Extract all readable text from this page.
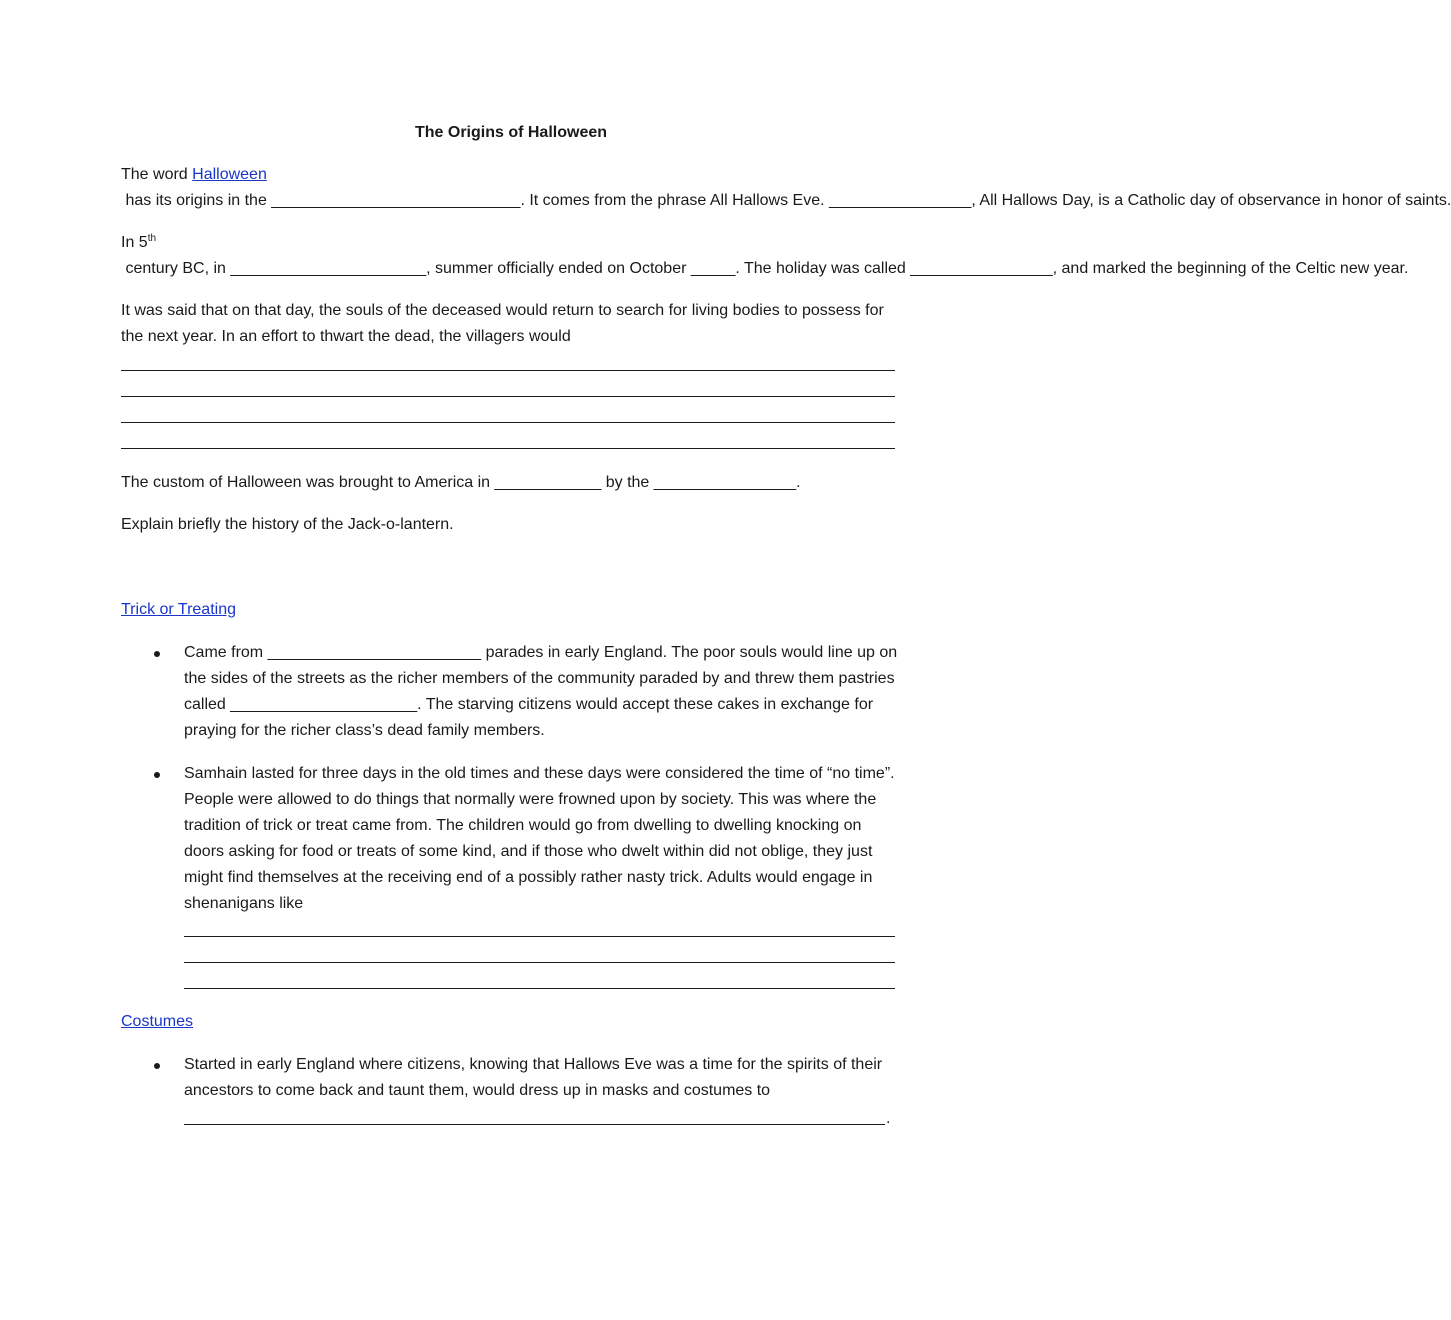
The Origins of Halloween
The word Halloween has its origins in the ____________________________. It comes from the phrase All Hallows Eve. ________________, All Hallows Day, is a Catholic day of observance in honor of saints.
In 5th century BC, in ______________________, summer officially ended on October _____. The holiday was called ________________, and marked the beginning of the Celtic new year.
It was said that on that day, the souls of the deceased would return to search for living bodies to possess for the next year. In an effort to thwart the dead, the villagers would
The custom of Halloween was brought to America in ____________ by the ________________.
Explain briefly the history of the Jack-o-lantern.
Trick or Treating
Came from ________________________ parades in early England. The poor souls would line up on the sides of the streets as the richer members of the community paraded by and threw them pastries called _____________________. The starving citizens would accept these cakes in exchange for praying for the richer class’s dead family members.
Samhain lasted for three days in the old times and these days were considered the time of “no time”. People were allowed to do things that normally were frowned upon by society. This was where the tradition of trick or treat came from. The children would go from dwelling to dwelling knocking on doors asking for food or treats of some kind, and if those who dwelt within did not oblige, they just might find themselves at the receiving end of a possibly rather nasty trick. Adults would engage in shenanigans like
Costumes
Started in early England where citizens, knowing that Hallows Eve was a time for the spirits of their ancestors to come back and taunt them, would dress up in masks and costumes to
.
